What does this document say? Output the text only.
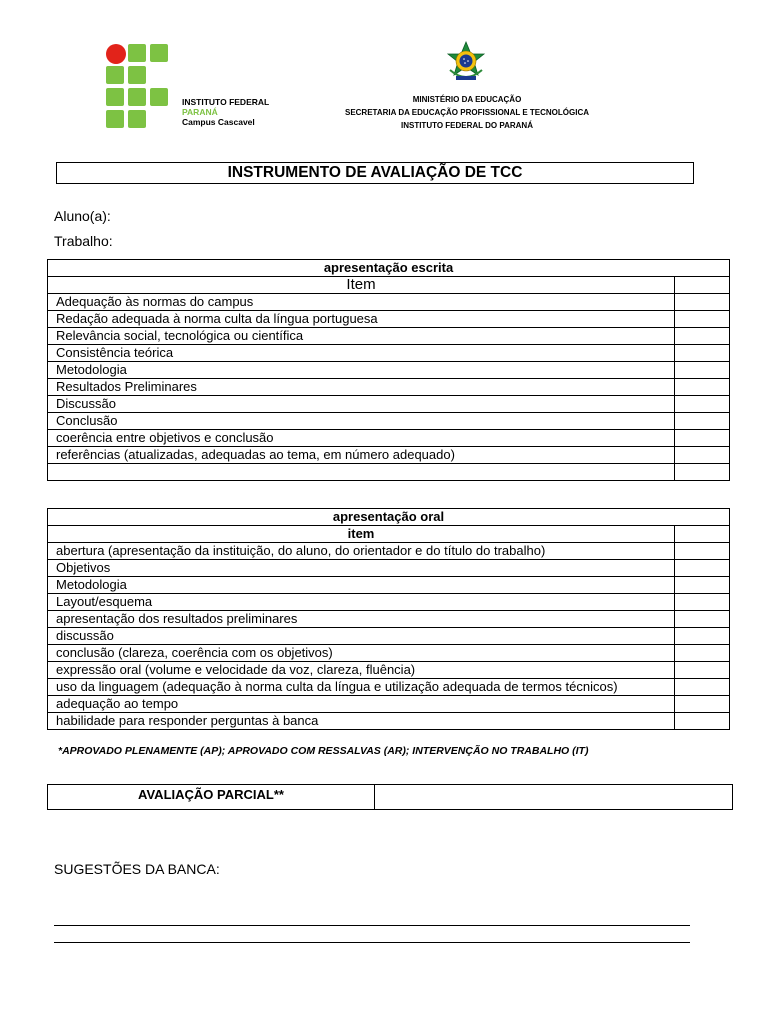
INSTITUTO FEDERAL
PARANÁ
Campus Cascavel
MINISTÉRIO DA EDUCAÇÃO
SECRETARIA DA EDUCAÇÃO PROFISSIONAL E TECNOLÓGICA
INSTITUTO FEDERAL DO PARANÁ
INSTRUMENTO DE AVALIAÇÃO DE TCC
Aluno(a):
Trabalho:
apresentação escrita	
Item	
Adequação às normas do campus	
Redação adequada à norma culta da língua portuguesa	
Relevância social, tecnológica ou científica	
Consistência teórica	
Metodologia	
Resultados Preliminares	
Discussão	
Conclusão	
coerência entre objetivos e conclusão	
referências (atualizadas, adequadas ao tema, em número adequado)	

apresentação oral	
item	
abertura (apresentação da instituição, do aluno, do orientador e do título do trabalho)	
Objetivos	
Metodologia	
Layout/esquema	
apresentação dos resultados preliminares	
discussão	
conclusão (clareza, coerência com os objetivos)	
expressão oral (volume e velocidade da voz, clareza, fluência)	
uso da linguagem (adequação à norma culta da língua e utilização adequada de termos técnicos)	
adequação ao tempo	
habilidade para responder perguntas à banca	
*APROVADO PLENAMENTE (AP); APROVADO COM RESSALVAS (AR); INTERVENÇÃO NO TRABALHO (IT)
AVALIAÇÃO PARCIAL**
SUGESTÕES DA BANCA:
